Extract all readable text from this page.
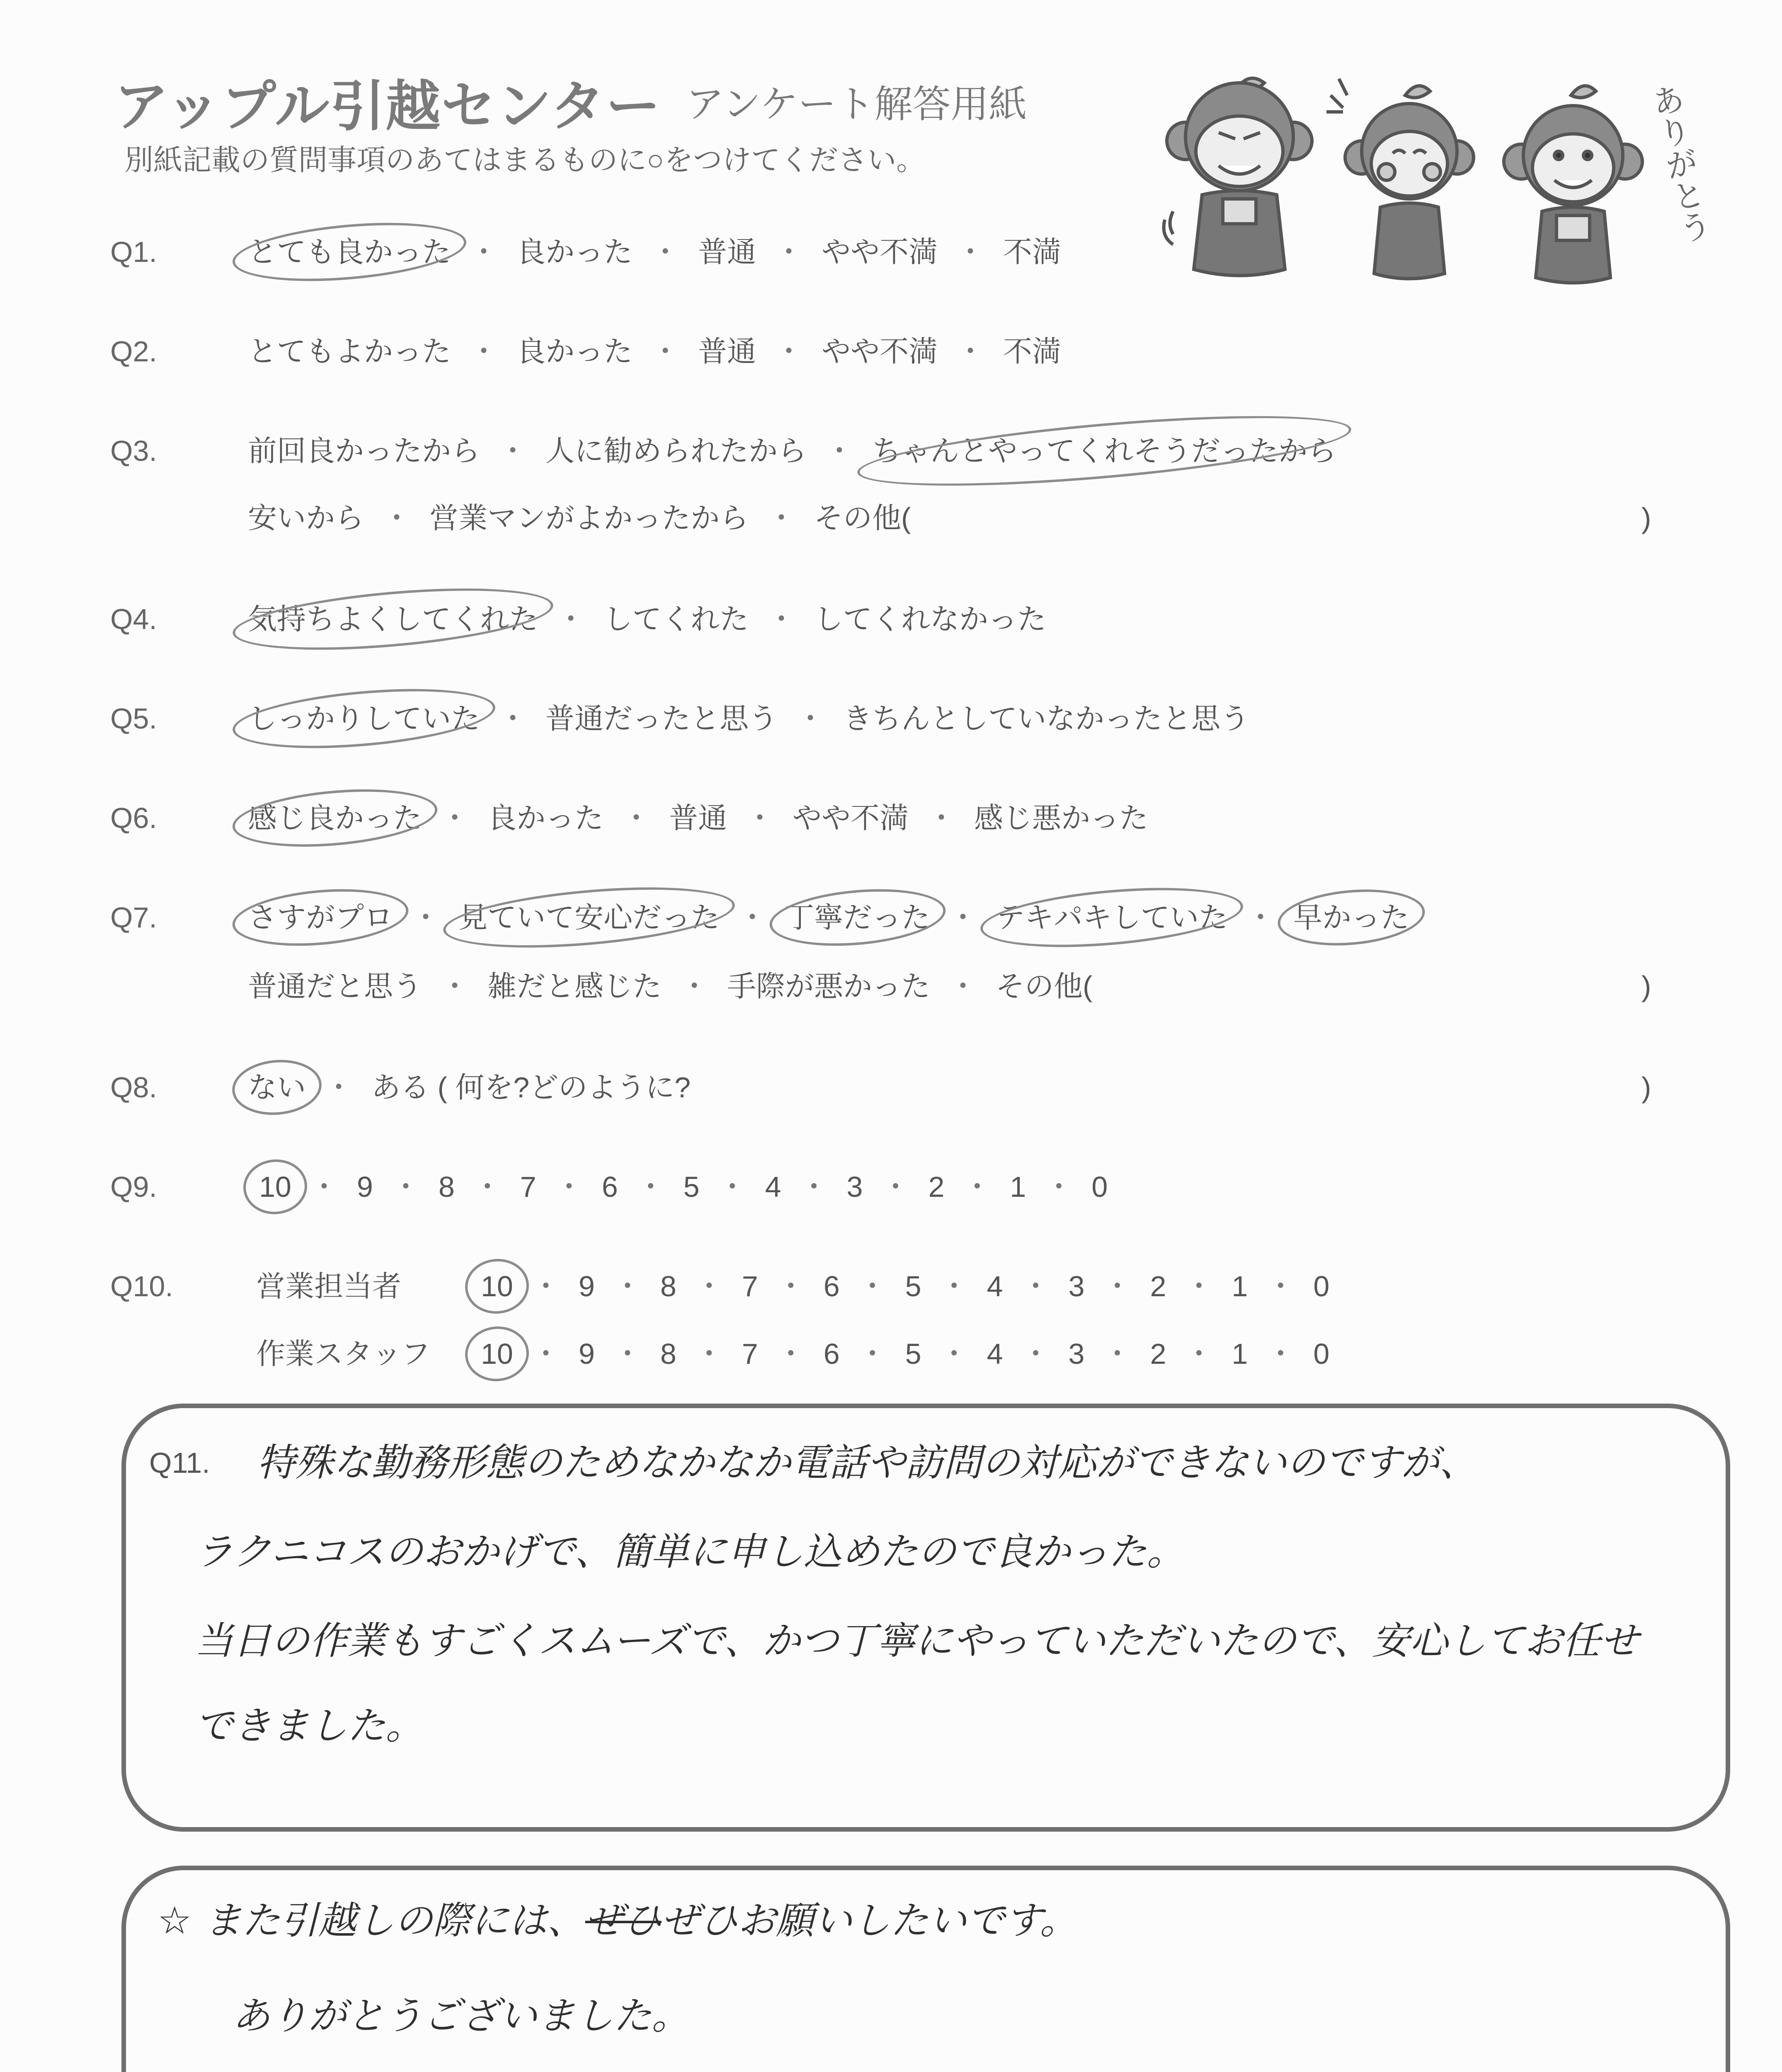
アップル引越センター アンケート解答用紙
別紙記載の質問事項のあてはまるものに○をつけてください。	ありがとう
Q1.	とても良かった ・ 良かった ・ 普通 ・ やや不満 ・ 不満
Q2.	とてもよかった ・ 良かった ・ 普通 ・ やや不満 ・ 不満
Q3.	前回良かったから ・ 人に勧められたから ・ ちゃんとやってくれそうだったから
安いから ・ 営業マンがよかったから ・ その他(	)
Q4.	気持ちよくしてくれた ・ してくれた ・ してくれなかった
Q5.	しっかりしていた ・ 普通だったと思う ・ きちんとしていなかったと思う
Q6.	感じ良かった ・ 良かった ・ 普通 ・ やや不満 ・ 感じ悪かった
Q7.	さすがプロ ・ 見ていて安心だった ・ 丁寧だった ・ テキパキしていた ・ 早かった
普通だと思う ・ 雑だと感じた ・ 手際が悪かった ・ その他(	)
Q8.	ない ・ ある ( 何を?どのように?	)
Q9.	10 ・ 9 ・ 8 ・ 7 ・ 6 ・ 5 ・ 4 ・ 3 ・ 2 ・ 1 ・ 0
Q10.	営業担当者	10 ・ 9 ・ 8 ・ 7 ・ 6 ・ 5 ・ 4 ・ 3 ・ 2 ・ 1 ・ 0
作業スタッフ 10 ・ 9 ・ 8 ・ 7 ・ 6 ・ 5 ・ 4 ・ 3 ・ 2 ・ 1 ・ 0
Q11. 特殊な勤務形態のためなかなか電話や訪問の対応ができないのですが、
ラクニコスのおかげで、簡単に申し込めたので良かった。
当日の作業もすごくスムーズで、かつ丁寧にやっていただいたので、安心してお任せ
できました。
☆ また引越しの際には、ぜひぜひお願いしたいです。
ありがとうございました。
